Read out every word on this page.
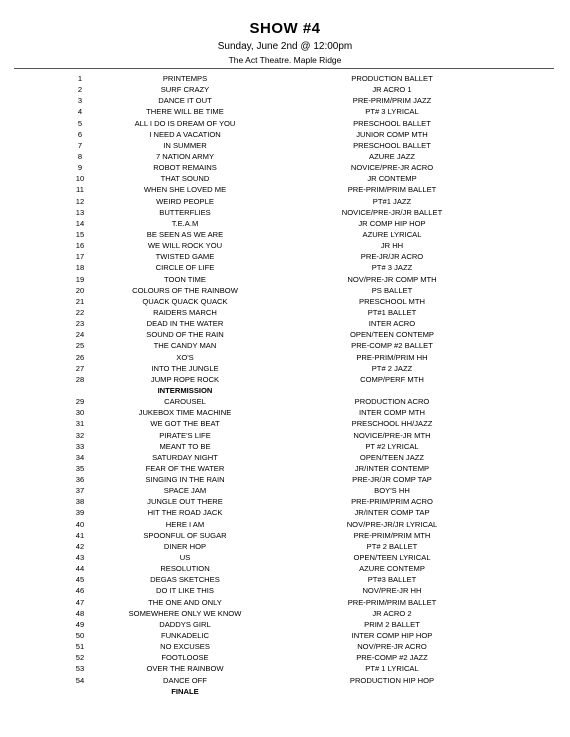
SHOW #4

Sunday, June 2nd @ 12:00pm

The Act Theatre. Maple Ridge

1	PRINTEMPS	PRODUCTION BALLET
2	SURF CRAZY	JR ACRO 1
3	DANCE IT OUT	PRE-PRIM/PRIM JAZZ
4	THERE WILL BE TIME	PT# 3 LYRICAL
5	ALL I DO IS DREAM OF YOU	PRESCHOOL BALLET
6	I NEED A VACATION	JUNIOR COMP MTH
7	IN SUMMER	PRESCHOOL BALLET
8	7 NATION ARMY	AZURE JAZZ
9	ROBOT REMAINS	NOVICE/PRE-JR ACRO
10	THAT SOUND	JR CONTEMP
11	WHEN SHE LOVED ME	PRE-PRIM/PRIM BALLET
12	WEIRD PEOPLE	PT#1 JAZZ
13	BUTTERFLIES	NOVICE/PRE-JR/JR BALLET
14	T.E.A.M	JR COMP HIP HOP
15	BE SEEN AS WE ARE	AZURE LYRICAL
16	WE WILL ROCK YOU	JR HH
17	TWISTED GAME	PRE-JR/JR ACRO
18	CIRCLE OF LIFE	PT# 3 JAZZ
19	TOON TIME	NOV/PRE-JR COMP MTH
20	COLOURS OF THE RAINBOW	PS BALLET
21	QUACK QUACK QUACK	PRESCHOOL MTH
22	RAIDERS MARCH	PT#1 BALLET
23	DEAD IN THE WATER	INTER ACRO
24	SOUND OF THE RAIN	OPEN/TEEN CONTEMP
25	THE CANDY MAN	PRE-COMP #2 BALLET
26	XO'S	PRE-PRIM/PRIM HH
27	INTO THE JUNGLE	PT# 2 JAZZ
28	JUMP ROPE ROCK	COMP/PERF MTH
INTERMISSION
29	CAROUSEL	PRODUCTION ACRO
30	JUKEBOX TIME MACHINE	INTER COMP MTH
31	WE GOT THE BEAT	PRESCHOOL HH/JAZZ
32	PIRATE'S LIFE	NOVICE/PRE-JR MTH
33	MEANT TO BE	PT #2 LYRICAL
34	SATURDAY NIGHT	OPEN/TEEN JAZZ
35	FEAR OF THE WATER	JR/INTER CONTEMP
36	SINGING IN THE RAIN	PRE-JR/JR COMP TAP
37	SPACE JAM	BOY'S HH
38	JUNGLE OUT THERE	PRE-PRIM/PRIM ACRO
39	HIT THE ROAD JACK	JR/INTER COMP TAP
40	HERE I AM	NOV/PRE-JR/JR LYRICAL
41	SPOONFUL OF SUGAR	PRE-PRIM/PRIM MTH
42	DINER HOP	PT# 2 BALLET
43	US	OPEN/TEEN LYRICAL
44	RESOLUTION	AZURE CONTEMP
45	DEGAS SKETCHES	PT#3 BALLET
46	DO IT LIKE THIS	NOV/PRE-JR HH
47	THE ONE AND ONLY	PRE-PRIM/PRIM BALLET
48	SOMEWHERE ONLY WE KNOW	JR ACRO 2
49	DADDYS GIRL	PRIM 2 BALLET
50	FUNKADELIC	INTER COMP HIP HOP
51	NO EXCUSES	NOV/PRE-JR ACRO
52	FOOTLOOSE	PRE-COMP #2 JAZZ
53	OVER THE RAINBOW	PT# 1 LYRICAL
54	DANCE OFF	PRODUCTION HIP HOP
FINALE
